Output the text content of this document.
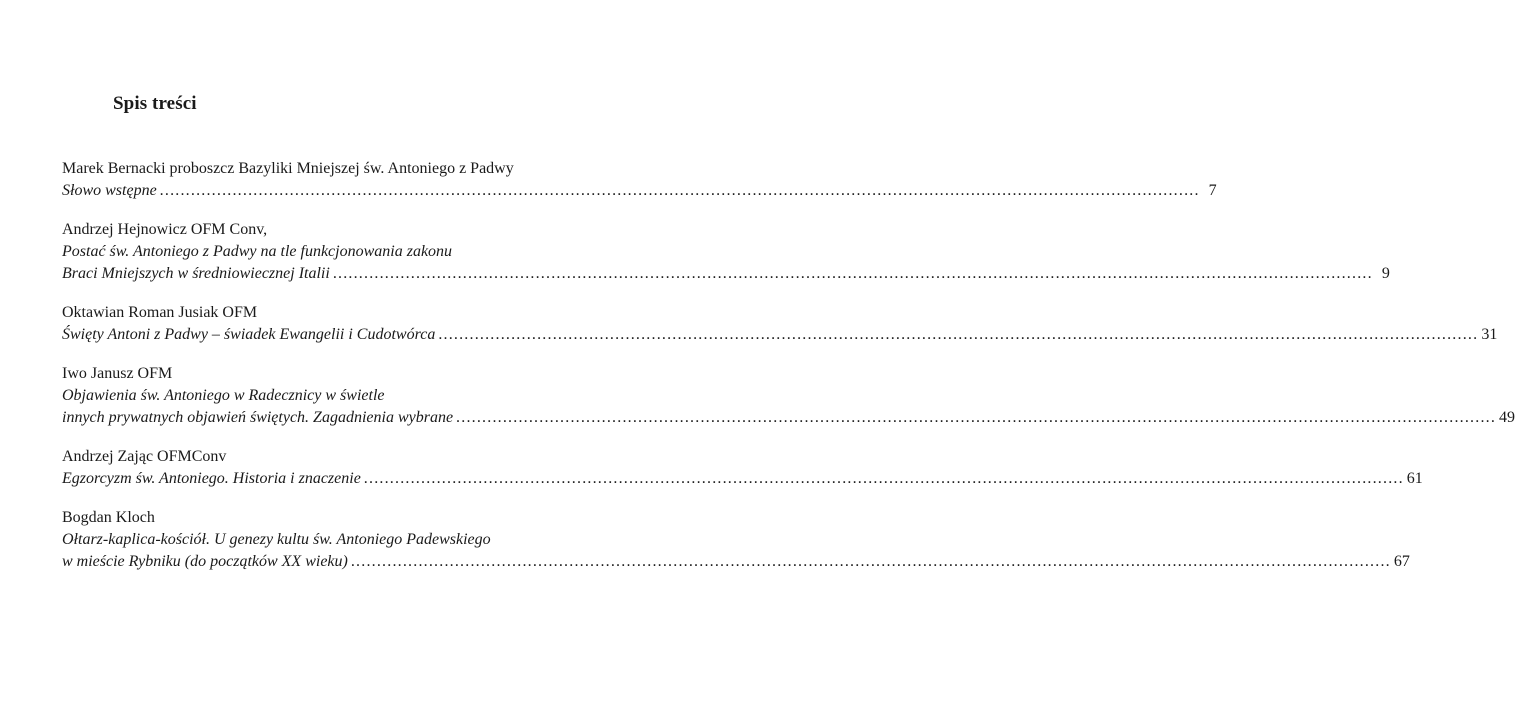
Spis treści
Marek Bernacki proboszcz Bazyliki Mniejszej św. Antoniego z Padwy
Słowo wstępne ........................................................................................................................................................................................................ 7
Andrzej Hejnowicz OFM Conv,
Postać św. Antoniego z Padwy na tle funkcjonowania zakonu
Braci Mniejszych w średniowiecznej Italii ........................................................................................................................................................................................................ 9
Oktawian Roman Jusiak OFM
Święty Antoni z Padwy – świadek Ewangelii i Cudotwórca ........................................................................................................................................................................................................ 31
Iwo Janusz OFM
Objawienia św. Antoniego w Radecznicy w świetle
innych prywatnych objawień świętych. Zagadnienia wybrane ........................................................................................................................................................................................................ 49
Andrzej Zając OFMConv
Egzorcyzm św. Antoniego. Historia i znaczenie ........................................................................................................................................................................................................ 61
Bogdan Kloch
Ołtarz-kaplica-kościół. U genezy kultu św. Antoniego Padewskiego
w mieście Rybniku (do początków XX wieku) ........................................................................................................................................................................................................ 67
